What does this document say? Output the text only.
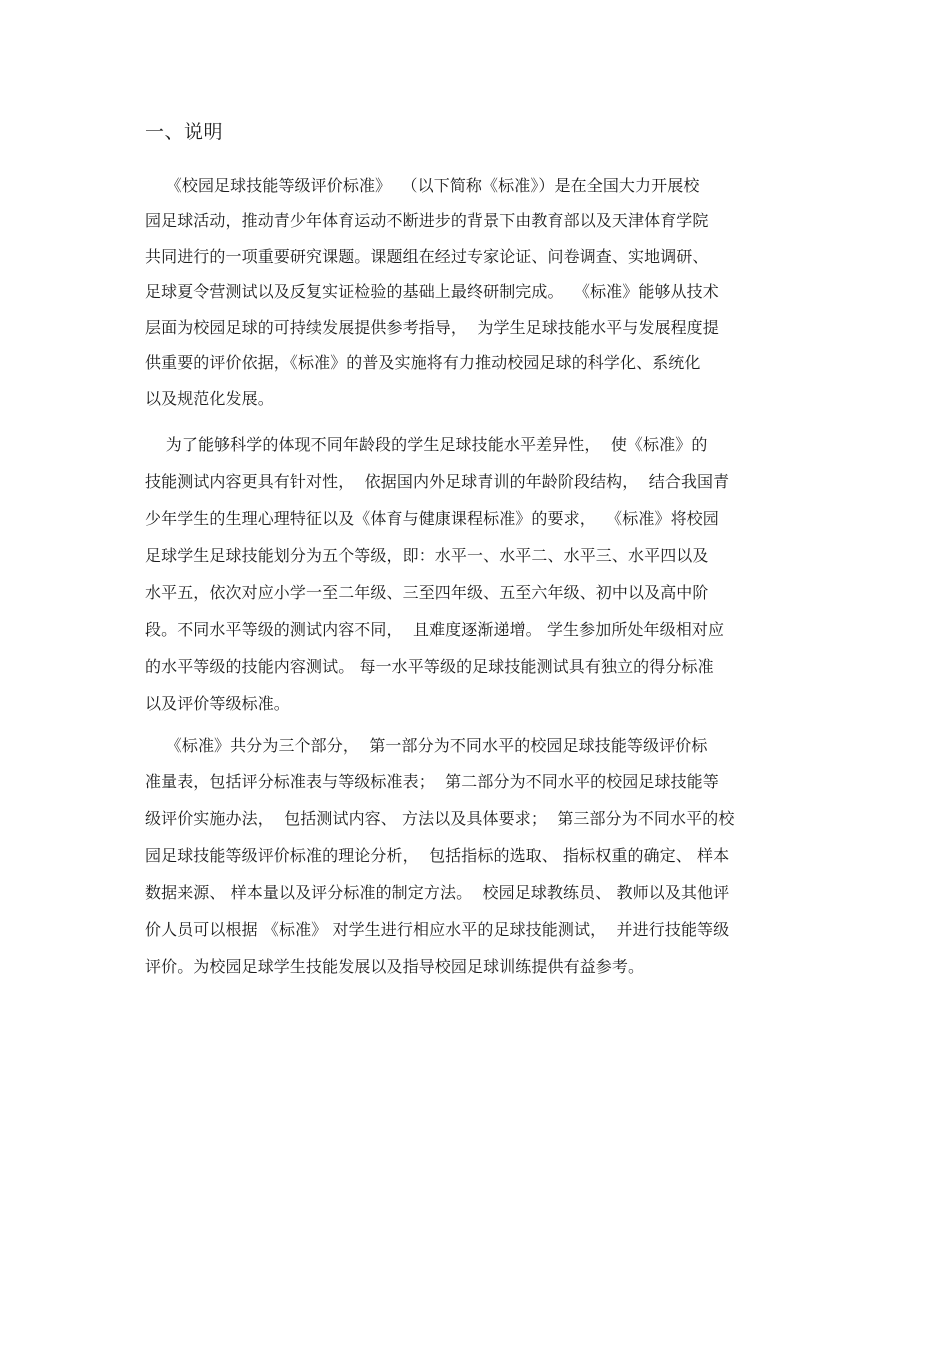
一、说明
《校园足球技能等级评价标准》  （以下简称《标准》）是在全国大力开展校
园足球活动，推动青少年体育运动不断进步的背景下由教育部以及天津体育学院
共同进行的一项重要研究课题。课题组在经过专家论证、问卷调查、实地调研、
足球夏令营测试以及反复实证检验的基础上最终研制完成。  《标准》能够从技术
层面为校园足球的可持续发展提供参考指导，  为学生足球技能水平与发展程度提
供重要的评价依据，《标准》的普及实施将有力推动校园足球的科学化、系统化
以及规范化发展。
为了能够科学的体现不同年龄段的学生足球技能水平差异性，  使《标准》的
技能测试内容更具有针对性，  依据国内外足球青训的年龄阶段结构，  结合我国青
少年学生的生理心理特征以及《体育与健康课程标准》的要求，  《标准》将校园
足球学生足球技能划分为五个等级，即：水平一、水平二、水平三、水平四以及
水平五，依次对应小学一至二年级、三至四年级、五至六年级、初中以及高中阶
段。不同水平等级的测试内容不同，  且难度逐渐递增。 学生参加所处年级相对应
的水平等级的技能内容测试。 每一水平等级的足球技能测试具有独立的得分标准
以及评价等级标准。
《标准》共分为三个部分，  第一部分为不同水平的校园足球技能等级评价标
准量表，包括评分标准表与等级标准表；  第二部分为不同水平的校园足球技能等
级评价实施办法，  包括测试内容、 方法以及具体要求；  第三部分为不同水平的校
园足球技能等级评价标准的理论分析，  包括指标的选取、 指标权重的确定、 样本
数据来源、 样本量以及评分标准的制定方法。  校园足球教练员、 教师以及其他评
价人员可以根据 《标准》 对学生进行相应水平的足球技能测试，  并进行技能等级
评价。为校园足球学生技能发展以及指导校园足球训练提供有益参考。
